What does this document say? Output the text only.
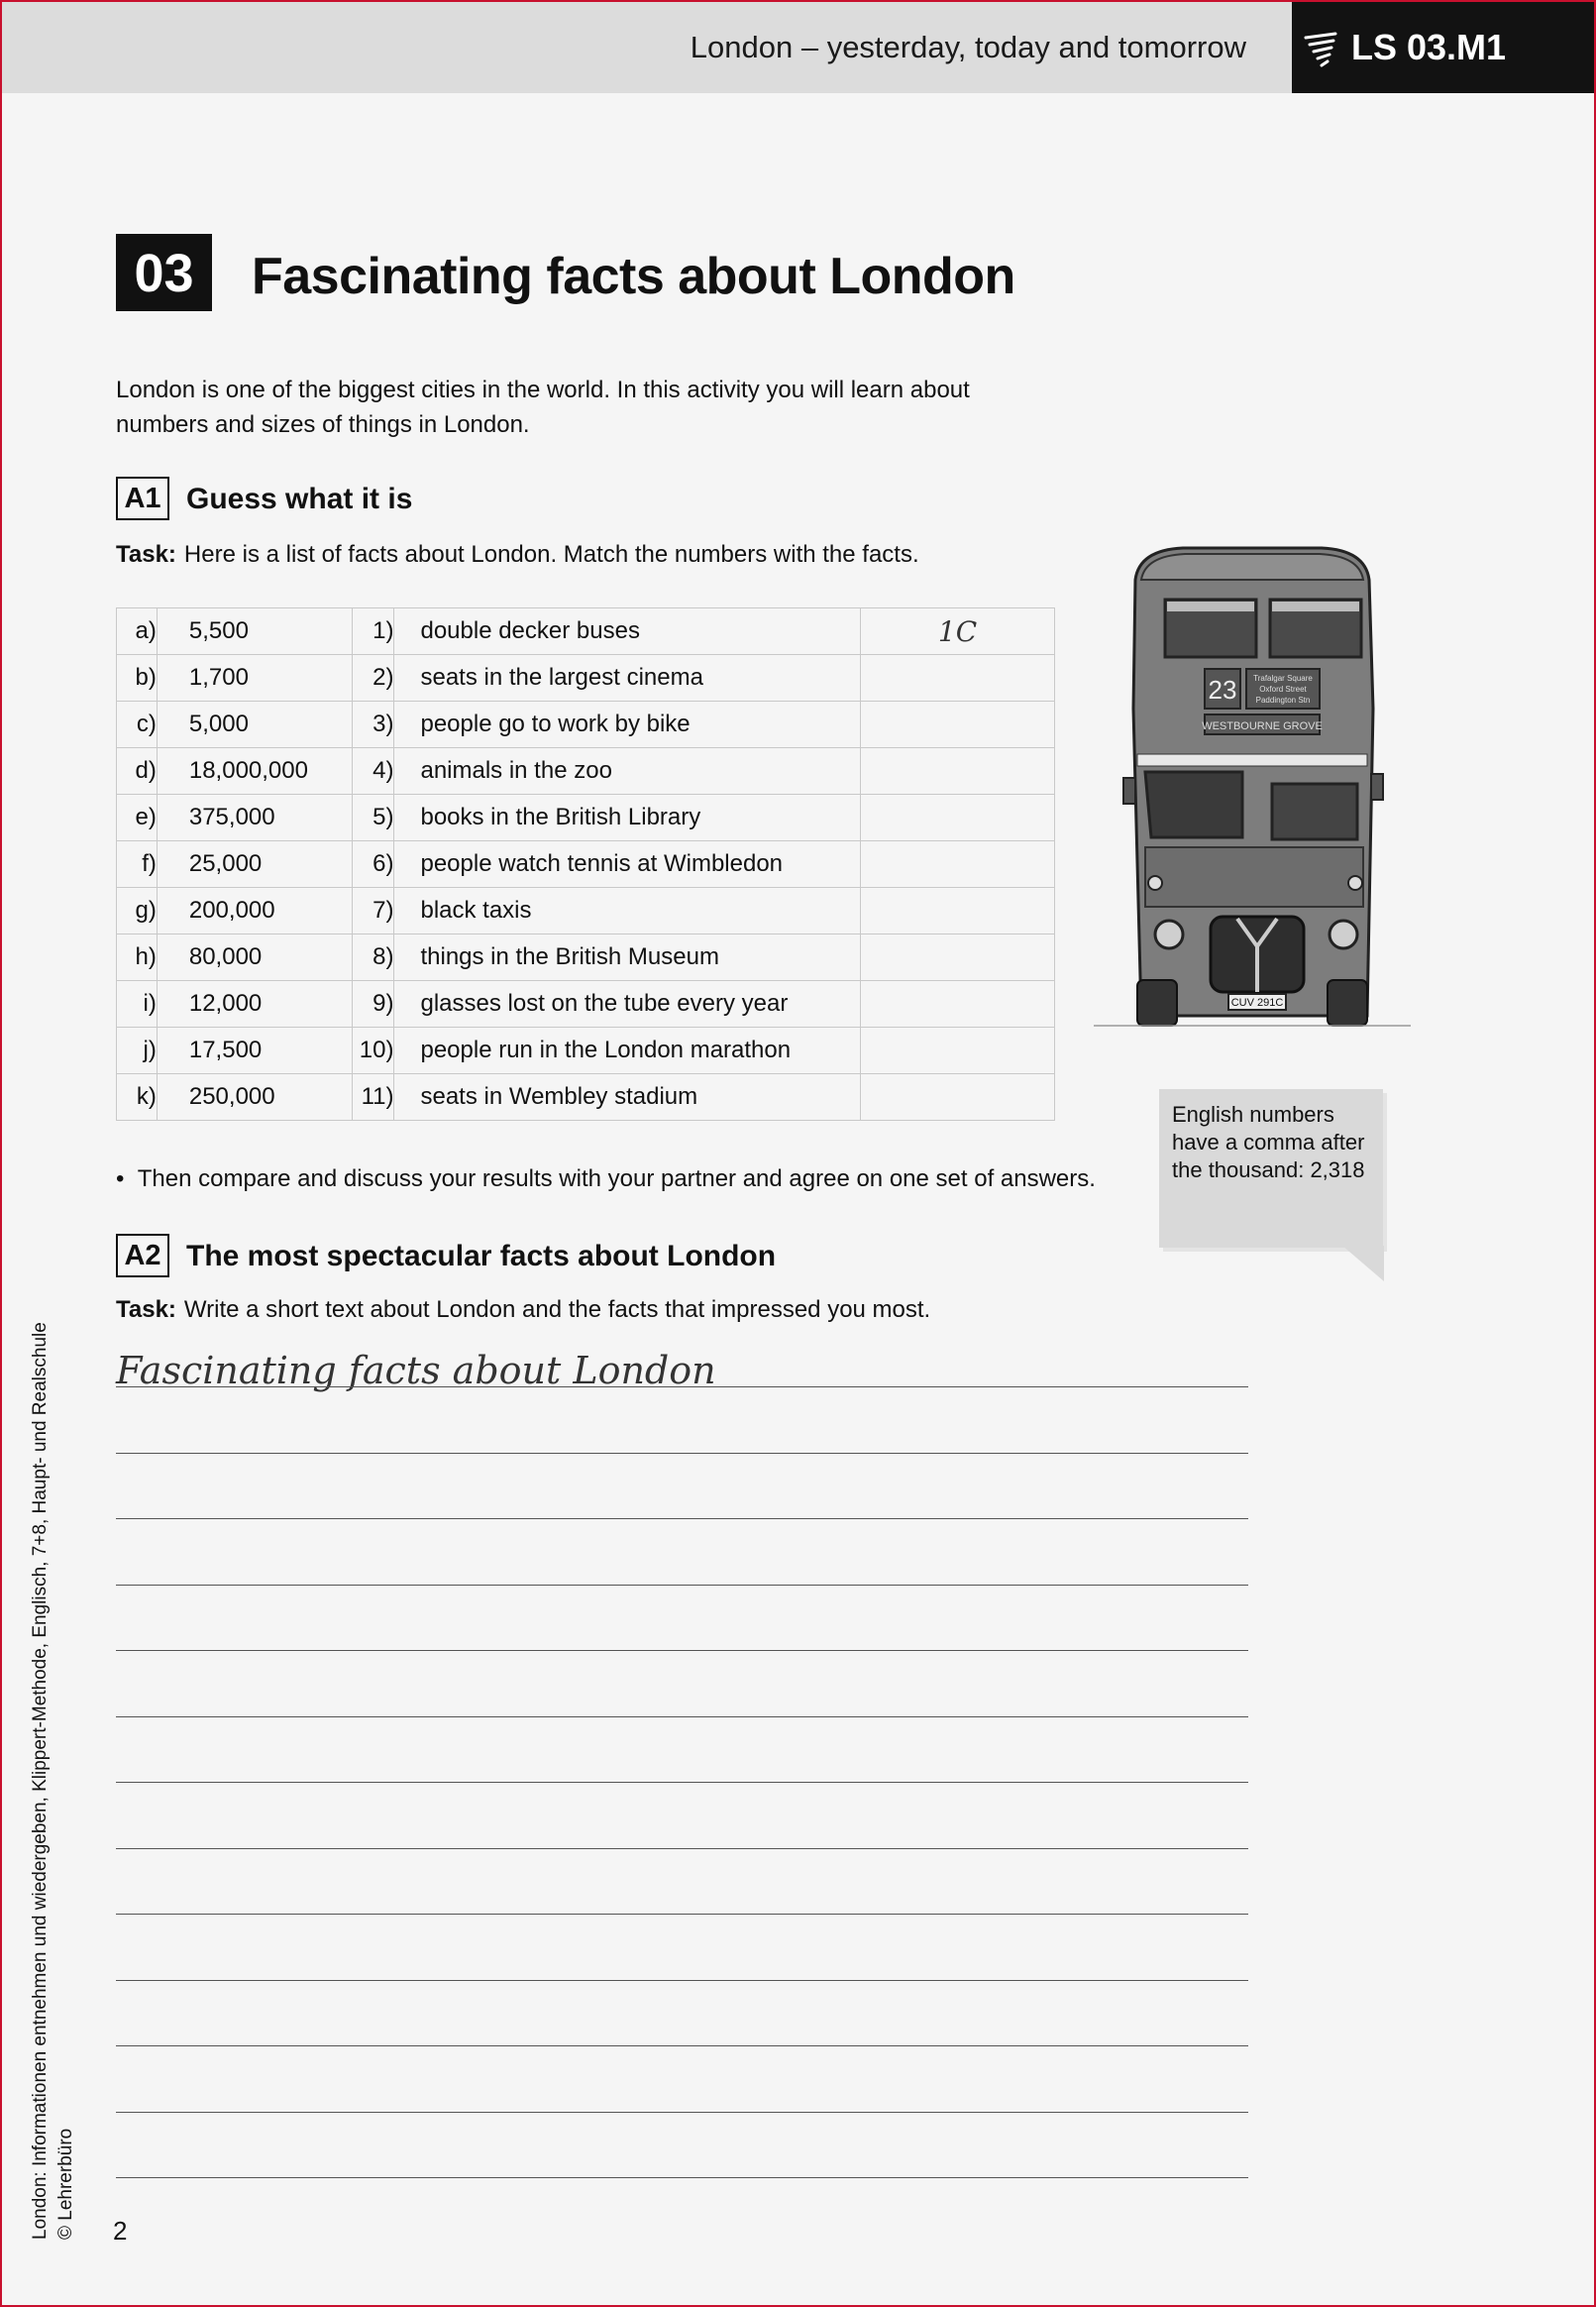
London – yesterday, today and tomorrow	LS 03.M1
03	Fascinating facts about London
London is one of the biggest cities in the world. In this activity you will learn about numbers and sizes of things in London.
A1 Guess what it is
Task: Here is a list of facts about London. Match the numbers with the facts.
a)	5,500	1)	double decker buses	1C
b)	1,700	2)	seats in the largest cinema	
c)	5,000	3)	people go to work by bike	
d)	18,000,000	4)	animals in the zoo	
e)	375,000	5)	books in the British Library	
f)	25,000	6)	people watch tennis at Wimbledon	
g)	200,000	7)	black taxis	
h)	80,000	8)	things in the British Museum	
i)	12,000	9)	glasses lost on the tube every year	
j)	17,500	10)	people run in the London marathon	
k)	250,000	11)	seats in Wembley stadium	
•  Then compare and discuss your results with your partner and agree on one set of answers.
23 Trafalgar Square
Oxford Street
Paddington Stn
WESTBOURNE GROVE
CUV 291C
English numbers have a comma after the thousand: 2,318
A2 The most spectacular facts about London
Task: Write a short text about London and the facts that impressed you most.
Fascinating facts about London
London: Informationen entnehmen und wiedergeben, Klippert-Methode, Englisch, 7+8, Haupt- und Realschule © Lehrerbüro 2
